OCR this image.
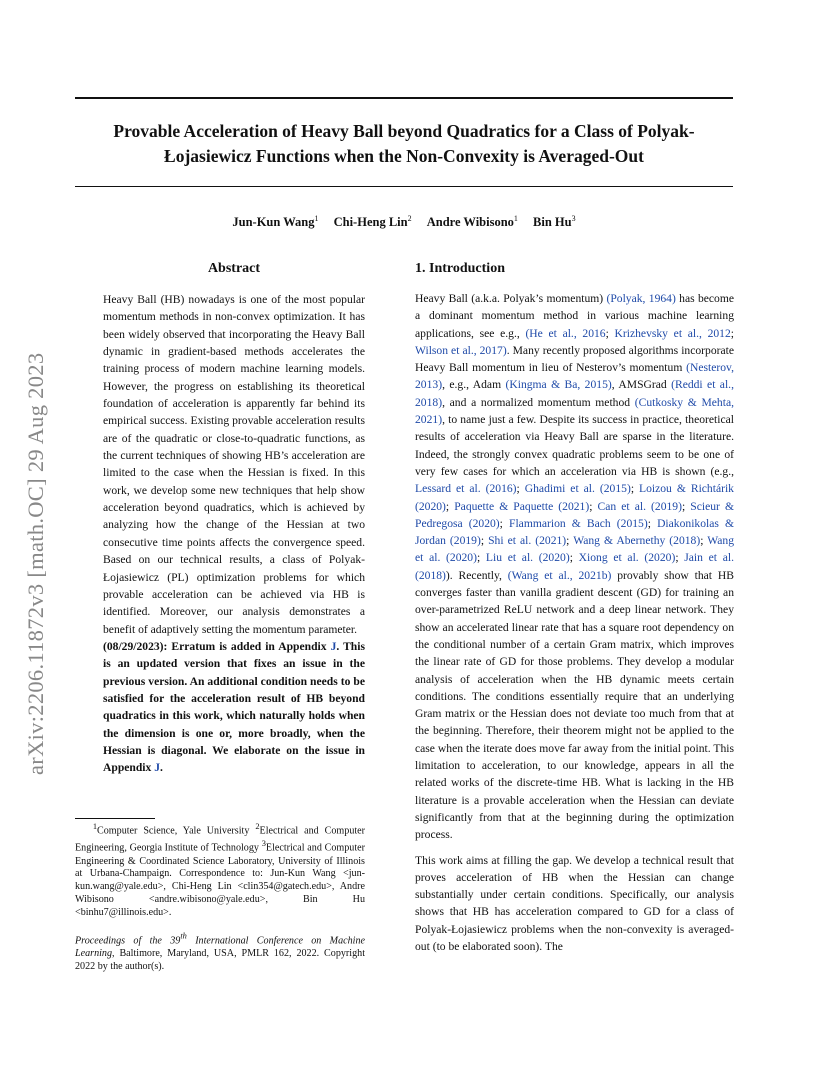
Provable Acceleration of Heavy Ball beyond Quadratics for a Class of Polyak-Łojasiewicz Functions when the Non-Convexity is Averaged-Out
Jun-Kun Wang$^1$ Chi-Heng Lin$^2$ Andre Wibisono$^1$ Bin Hu$^3$
arXiv:2206.11872v3 [math.OC] 29 Aug 2023
Abstract

Heavy Ball (HB) nowadays is one of the most popular momentum methods in non-convex optimization. It has been widely observed that incorporating the Heavy Ball dynamic in gradient-based methods accelerates the training process of modern machine learning models. However, the progress on establishing its theoretical foundation of acceleration is apparently far behind its empirical success. Existing provable acceleration results are of the quadratic or close-to-quadratic functions, as the current techniques of showing HB’s acceleration are limited to the case when the Hessian is fixed. In this work, we develop some new techniques that help show acceleration beyond quadratics, which is achieved by analyzing how the change of the Hessian at two consecutive time points affects the convergence speed. Based on our technical results, a class of Polyak-Łojasiewicz (PL) optimization problems for which provable acceleration can be achieved via HB is identified. Moreover, our analysis demonstrates a benefit of adaptively setting the momentum parameter.

(08/29/2023): Erratum is added in Appendix J. This is an updated version that fixes an issue in the previous version. An additional condition needs to be satisfied for the acceleration result of HB beyond quadratics in this work, which naturally holds when the dimension is one or, more broadly, when the Hessian is diagonal. We elaborate on the issue in Appendix J.

$^1$Computer Science, Yale University $^2$Electrical and Computer Engineering, Georgia Institute of Technology $^3$Electrical and Computer Engineering & Coordinated Science Laboratory, University of Illinois at Urbana-Champaign. Correspondence to: Jun-Kun Wang <jun-kun.wang@yale.edu>, Chi-Heng Lin <clin354@gatech.edu>, Andre Wibisono <andre.wibisono@yale.edu>, Bin Hu <binhu7@illinois.edu>.
Proceedings of the 39th International Conference on Machine Learning, Baltimore, Maryland, USA, PMLR 162, 2022. Copyright 2022 by the author(s).
1. Introduction

Heavy Ball (a.k.a. Polyak’s momentum) (Polyak, 1964) has become a dominant momentum method in various machine learning applications, see e.g., (He et al., 2016; Krizhevsky et al., 2012; Wilson et al., 2017). Many recently proposed algorithms incorporate Heavy Ball momentum in lieu of Nesterov’s momentum (Nesterov, 2013), e.g., Adam (Kingma & Ba, 2015), AMSGrad (Reddi et al., 2018), and a normalized momentum method (Cutkosky & Mehta, 2021), to name just a few. Despite its success in practice, theoretical results of acceleration via Heavy Ball are sparse in the literature. Indeed, the strongly convex quadratic problems seem to be one of very few cases for which an acceleration via HB is shown (e.g., Lessard et al. (2016); Ghadimi et al. (2015); Loizou & Richtárik (2020); Paquette & Paquette (2021); Can et al. (2019); Scieur & Pedregosa (2020); Flammarion & Bach (2015); Diakonikolas & Jordan (2019); Shi et al. (2021); Wang & Abernethy (2018); Wang et al. (2020); Liu et al. (2020); Xiong et al. (2020); Jain et al. (2018)). Recently, (Wang et al., 2021b) provably show that HB converges faster than vanilla gradient descent (GD) for training an over-parametrized ReLU network and a deep linear network. They show an accelerated linear rate that has a square root dependency on the conditional number of a certain Gram matrix, which improves the linear rate of GD for those problems. They develop a modular analysis of acceleration when the HB dynamic meets certain conditions. The conditions essentially require that an underlying Gram matrix or the Hessian does not deviate too much from that at the beginning. Therefore, their theorem might not be applied to the case when the iterate does move far away from the initial point. This limitation to acceleration, to our knowledge, appears in all the related works of the discrete-time HB. What is lacking in the HB literature is a provable acceleration when the Hessian can deviate significantly from that at the beginning during the optimization process.

This work aims at filling the gap. We develop a technical result that proves acceleration of HB when the Hessian can change substantially under certain conditions. Specifically, our analysis shows that HB has acceleration compared to GD for a class of Polyak-Łojasiewicz problems when the non-convexity is averaged-out (to be elaborated soon). The
